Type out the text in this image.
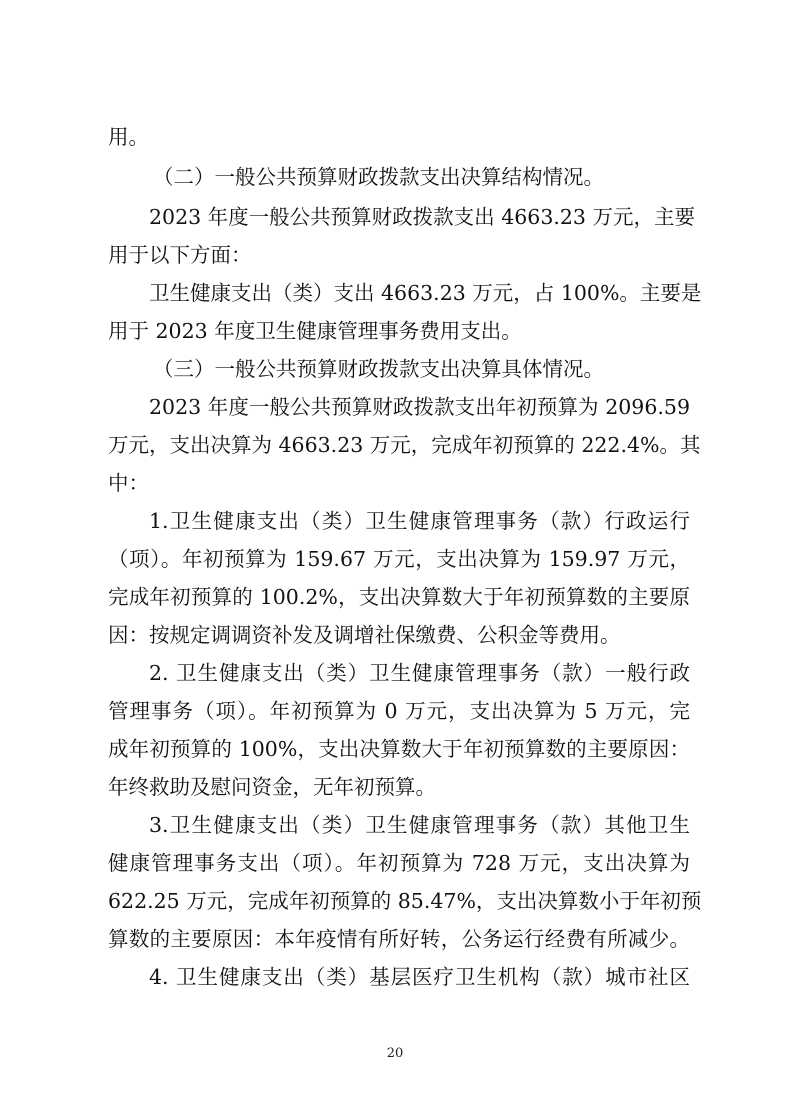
用。

（二）一般公共预算财政拨款支出决算结构情况。

2023 年度一般公共预算财政拨款支出 4663.23 万元，主要

用于以下方面：

卫生健康支出（类）支出 4663.23 万元，占 100%。主要是

用于 2023 年度卫生健康管理事务费用支出。

（三）一般公共预算财政拨款支出决算具体情况。

2023 年度一般公共预算财政拨款支出年初预算为 2096.59

万元，支出决算为 4663.23 万元，完成年初预算的 222.4%。其

中：

1.卫生健康支出（类）卫生健康管理事务（款）行政运行

（项）。年初预算为 159.67 万元，支出决算为 159.97 万元，

完成年初预算的 100.2%，支出决算数大于年初预算数的主要原

因：按规定调调资补发及调增社保缴费、公积金等费用。

2. 卫生健康支出（类）卫生健康管理事务（款）一般行政

管理事务（项）。年初预算为 0 万元，支出决算为 5 万元，完

成年初预算的 100%，支出决算数大于年初预算数的主要原因：

年终救助及慰问资金，无年初预算。

3.卫生健康支出（类）卫生健康管理事务（款）其他卫生

健康管理事务支出（项）。年初预算为 728 万元，支出决算为

622.25 万元，完成年初预算的 85.47%，支出决算数小于年初预

算数的主要原因：本年疫情有所好转，公务运行经费有所减少。

4. 卫生健康支出（类）基层医疗卫生机构（款）城市社区

20
